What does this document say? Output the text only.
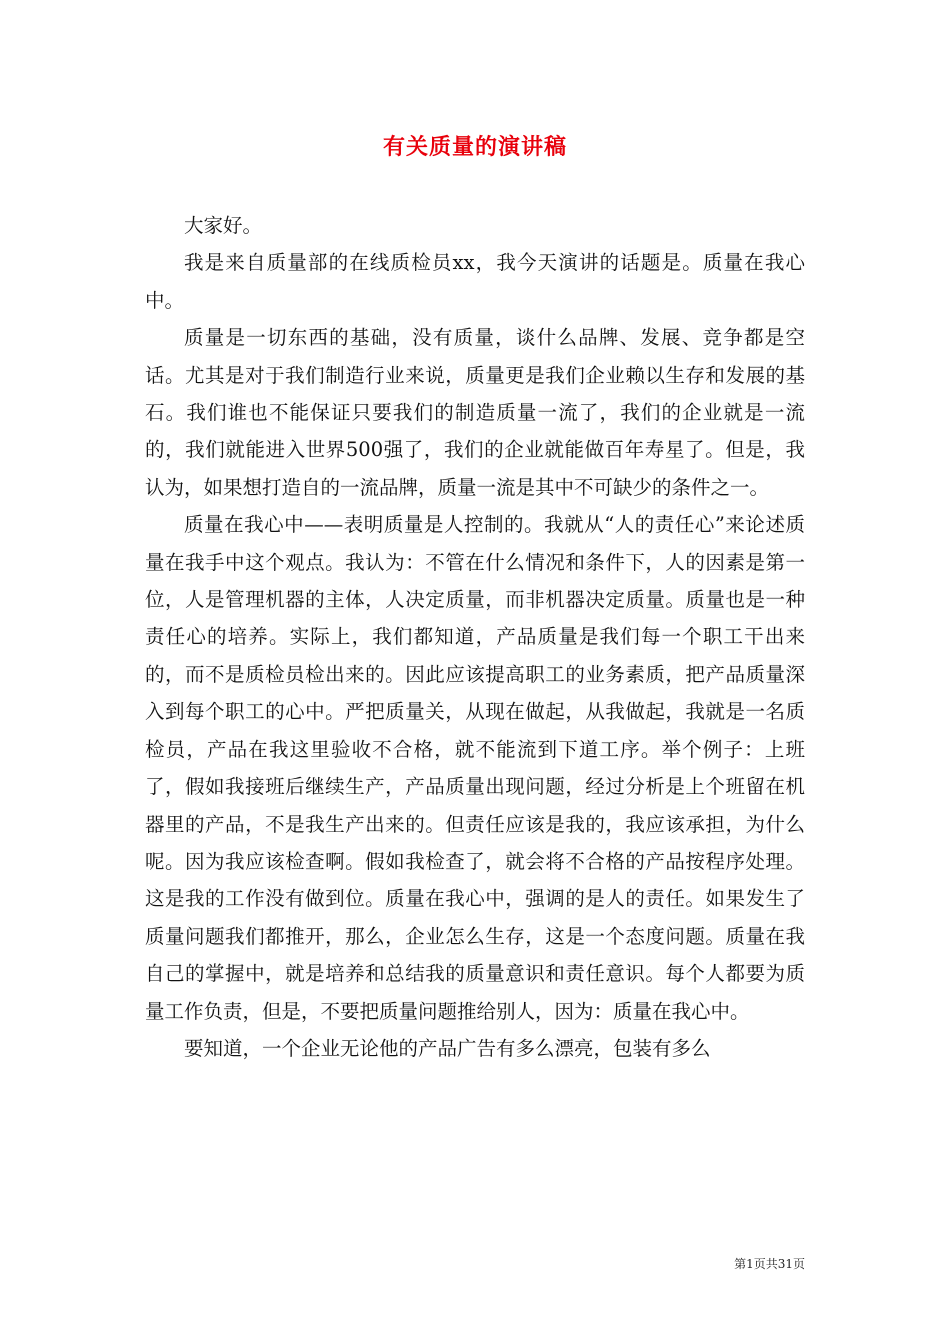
有关质量的演讲稿

大家好。

我是来自质量部的在线质检员xx，我今天演讲的话题是。质量在我心中。

质量是一切东西的基础，没有质量，谈什么品牌、发展、竞争都是空话。尤其是对于我们制造行业来说，质量更是我们企业赖以生存和发展的基石。我们谁也不能保证只要我们的制造质量一流了，我们的企业就是一流的，我们就能进入世界500强了，我们的企业就能做百年寿星了。但是，我认为，如果想打造自的一流品牌，质量一流是其中不可缺少的条件之一。

质量在我心中——表明质量是人控制的。我就从“人的责任心”来论述质量在我手中这个观点。我认为：不管在什么情况和条件下，人的因素是第一位，人是管理机器的主体，人决定质量，而非机器决定质量。质量也是一种责任心的培养。实际上，我们都知道，产品质量是我们每一个职工干出来的，而不是质检员检出来的。因此应该提高职工的业务素质，把产品质量深入到每个职工的心中。严把质量关，从现在做起，从我做起，我就是一名质检员，产品在我这里验收不合格，就不能流到下道工序。举个例子：上班了，假如我接班后继续生产，产品质量出现问题，经过分析是上个班留在机器里的产品，不是我生产出来的。但责任应该是我的，我应该承担，为什么呢。因为我应该检查啊。假如我检查了，就会将不合格的产品按程序处理。这是我的工作没有做到位。质量在我心中，强调的是人的责任。如果发生了质量问题我们都推开，那么，企业怎么生存，这是一个态度问题。质量在我自己的掌握中，就是培养和总结我的质量意识和责任意识。每个人都要为质量工作负责，但是，不要把质量问题推给别人，因为：质量在我心中。

要知道，一个企业无论他的产品广告有多么漂亮，包装有多么

第1页共31页
